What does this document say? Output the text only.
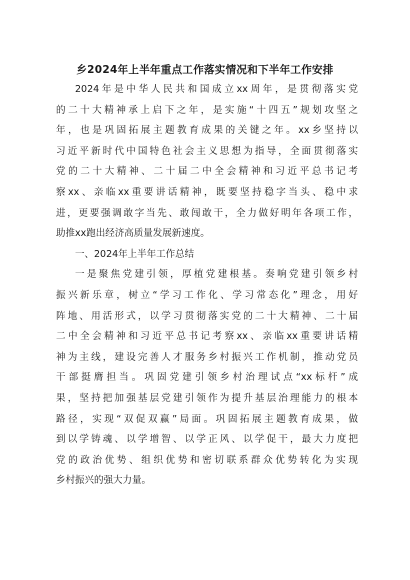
乡2024年上半年重点工作落实情况和下半年工作安排
2024年是中华人民共和国成立xx周年，是贯彻落实党
的二十大精神承上启下之年，是实施“十四五”规划攻坚之
年，也是巩固拓展主题教育成果的关键之年。xx乡坚持以
习近平新时代中国特色社会主义思想为指导，全面贯彻落实
党的二十大精神、二十届二中全会精神和习近平总书记考
察xx、亲临xx重要讲话精神，既要坚持稳字当头、稳中求
进，更要强调敢字当先、敢闯敢干，全力做好明年各项工作，
助推xx跑出经济高质量发展新速度。
一、2024年上半年工作总结
一是聚焦党建引领，厚植党建根基。奏响党建引领乡村
振兴新乐章，树立“学习工作化、学习常态化”理念，用好
阵地、用活形式，以学习贯彻落实党的二十大精神、二十届
二中全会精神和习近平总书记考察xx、亲临xx重要讲话精
神为主线，建设完善人才服务乡村振兴工作机制，推动党员
干部挺膺担当。巩固党建引领乡村治理试点“xx标杆”成
果，坚持把加强基层党建引领作为提升基层治理能力的根本
路径，实现“双促双赢”局面。巩固拓展主题教育成果，做
到以学铸魂、以学增智、以学正风、以学促干，最大力度把
党的政治优势、组织优势和密切联系群众优势转化为实现
乡村振兴的强大力量。
